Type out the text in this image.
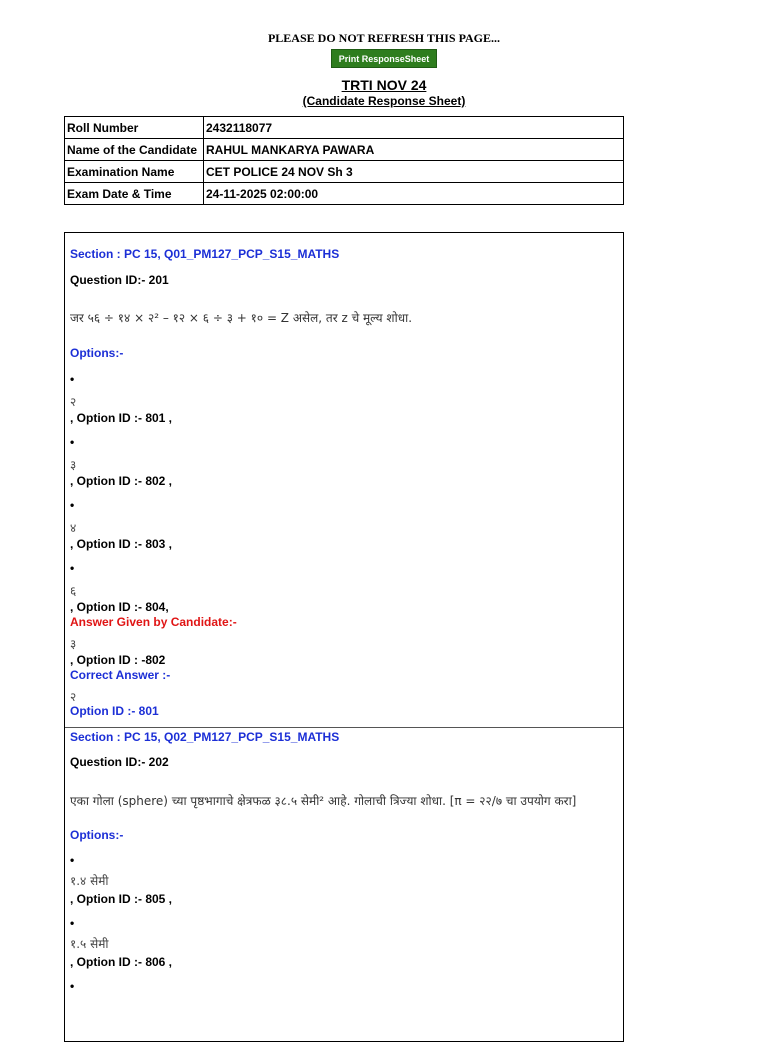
PLEASE DO NOT REFRESH THIS PAGE...
Print ResponseSheet
TRTI NOV 24
(Candidate Response Sheet)
Roll Number	2432118077
Name of the Candidate	RAHUL MANKARYA PAWARA
Examination Name	CET POLICE 24 NOV Sh 3
Exam Date & Time	24-11-2025 02:00:00
Section : PC 15, Q01_PM127_PCP_S15_MATHS
Question ID:- 201
जर ५६ ÷ १४ × २² – १२ × ६ ÷ ३ + १० = Z असेल, तर z चे मूल्य शोधा.
Options:-
•
२
, Option ID :- 801 ,
•
३
, Option ID :- 802 ,
•
४
, Option ID :- 803 ,
•
६
, Option ID :- 804,
Answer Given by Candidate:-
३
, Option ID : -802
Correct Answer :-
२
Option ID :- 801
Section : PC 15, Q02_PM127_PCP_S15_MATHS
Question ID:- 202
एका गोला (sphere) च्या पृष्ठभागाचे क्षेत्रफळ ३८.५ सेमी² आहे. गोलाची त्रिज्या शोधा. [π = २२/७ चा उपयोग करा]
Options:-
•
१.४ सेमी
, Option ID :- 805 ,
•
१.५ सेमी
, Option ID :- 806 ,
•
